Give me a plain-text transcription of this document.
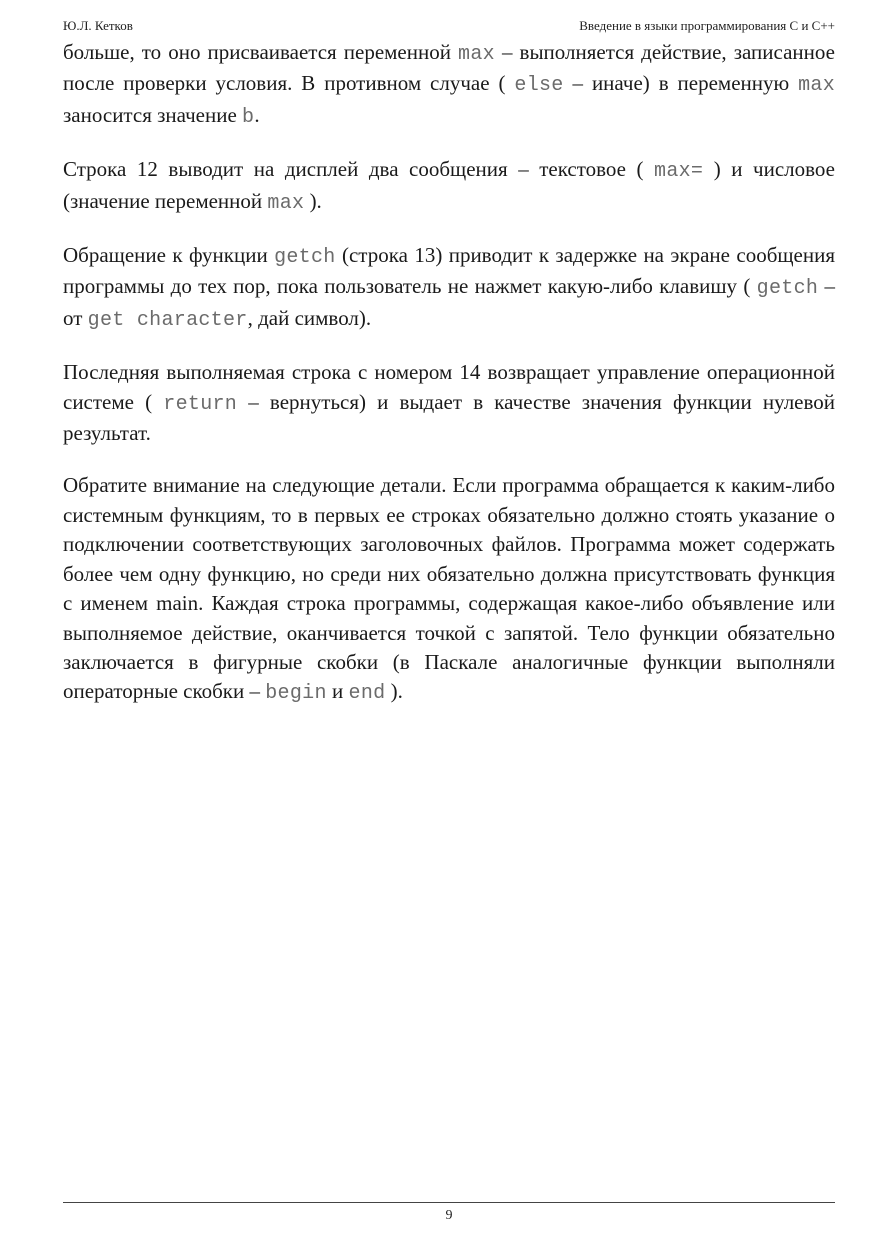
Ю.Л. Кетков	Введение в языки программирования C и C++

больше, то оно присваивается переменной max – выполняется действие, записанное после проверки условия. В противном случае ( else – иначе) в переменную max заносится значение b.

Строка 12 выводит на дисплей два сообщения – текстовое ( max= ) и числовое (значение переменной max ).

Обращение к функции getch (строка 13) приводит к задержке на экране сообщения программы до тех пор, пока пользователь не нажмет какую-либо клавишу ( getch – от get character, дай символ).

Последняя выполняемая строка с номером 14 возвращает управление операционной системе ( return – вернуться) и выдает в качестве значения функции нулевой результат.

Обратите внимание на следующие детали. Если программа обращается к каким-либо системным функциям, то в первых ее строках обязательно должно стоять указание о подключении соответствующих заголовочных файлов. Программа может содержать более чем одну функцию, но среди них обязательно должна присутствовать функция с именем main. Каждая строка программы, содержащая какое-либо объявление или выполняемое действие, оканчивается точкой с запятой. Тело функции обязательно заключается в фигурные скобки (в Паскале аналогичные функции выполняли операторные скобки – begin и end ).

9
